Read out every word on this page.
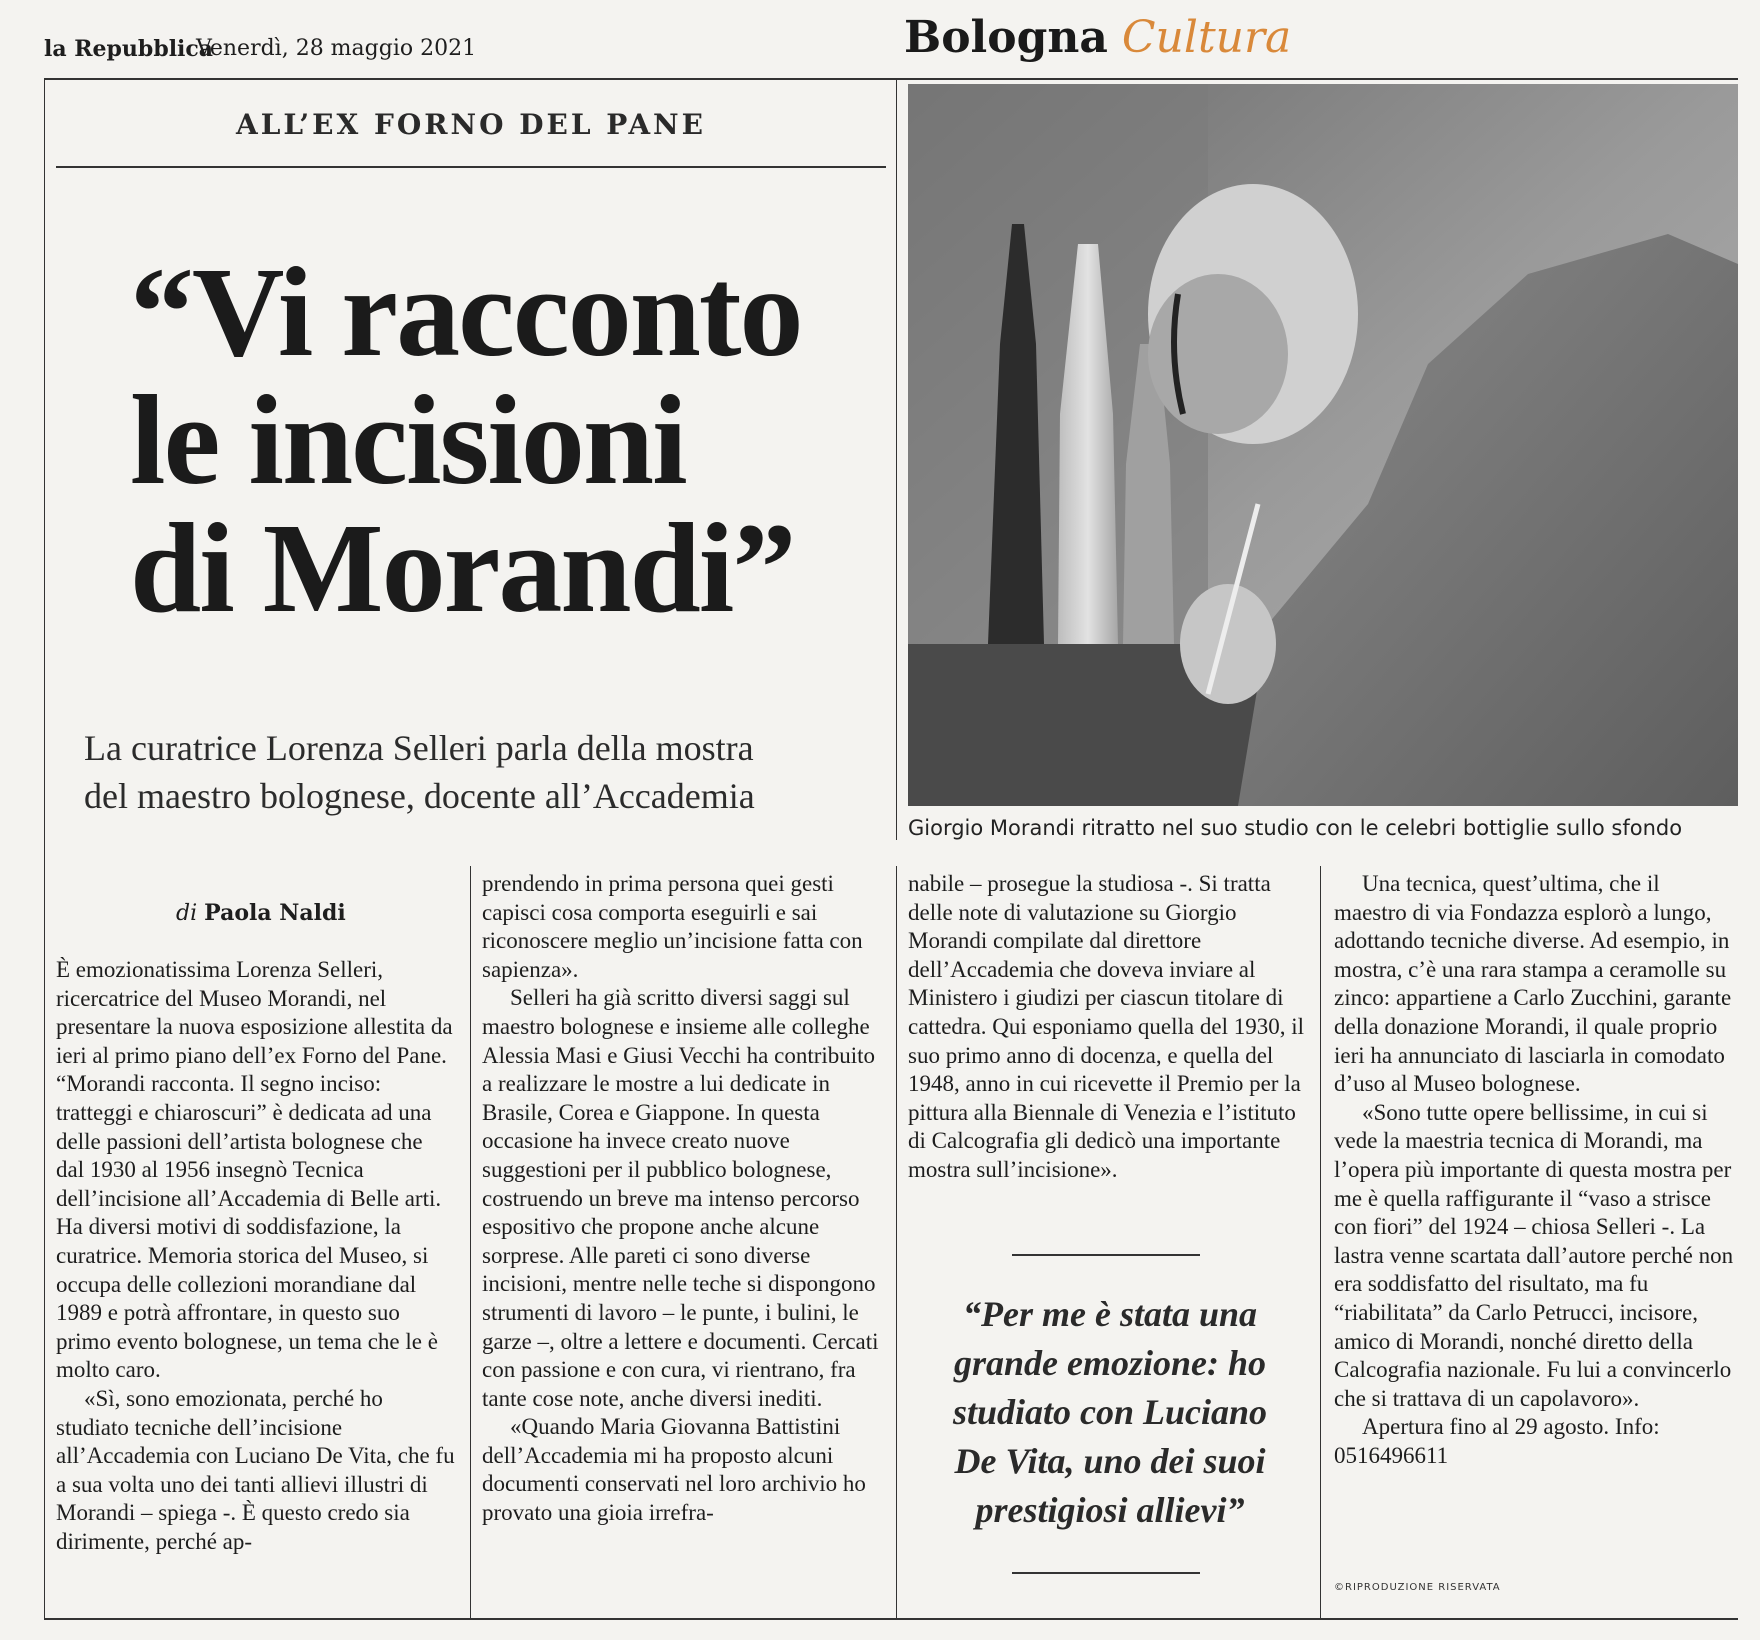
la Repubblica
Venerdì, 28 maggio 2021	Bologna Cultura
ALL’EX FORNO DEL PANE
“Vi racconto
le incisioni
di Morandi”
La curatrice Lorenza Selleri parla della mostra
del maestro bolognese, docente all’Accademia
Giorgio Morandi ritratto nel suo studio con le celebri bottiglie sullo sfondo
di Paola Naldi

È emozionatissima Lorenza Selleri, ricercatrice del Museo Morandi, nel presentare la nuova esposizione allestita da ieri al primo piano dell’ex Forno del Pane. “Morandi racconta. Il segno inciso: tratteggi e chiaroscuri” è dedicata ad una delle passioni dell’artista bolognese che dal 1930 al 1956 insegnò Tecnica dell’incisione all’Accademia di Belle arti. Ha diversi motivi di soddisfazione, la curatrice. Memoria storica del Museo, si occupa delle collezioni morandiane dal 1989 e potrà affrontare, in questo suo primo evento bolognese, un tema che le è molto caro.

«Sì, sono emozionata, perché ho studiato tecniche dell’incisione all’Accademia con Luciano De Vita, che fu a sua volta uno dei tanti allievi illustri di Morandi – spiega -. È questo credo sia dirimente, perché ap-

prendendo in prima persona quei gesti capisci cosa comporta eseguirli e sai riconoscere meglio un’incisione fatta con sapienza».

Selleri ha già scritto diversi saggi sul maestro bolognese e insieme alle colleghe Alessia Masi e Giusi Vecchi ha contribuito a realizzare le mostre a lui dedicate in Brasile, Corea e Giappone. In questa occasione ha invece creato nuove suggestioni per il pubblico bolognese, costruendo un breve ma intenso percorso espositivo che propone anche alcune sorprese. Alle pareti ci sono diverse incisioni, mentre nelle teche si dispongono strumenti di lavoro – le punte, i bulini, le garze –, oltre a lettere e documenti. Cercati con passione e con cura, vi rientrano, fra tante cose note, anche diversi inediti.

«Quando Maria Giovanna Battistini dell’Accademia mi ha proposto alcuni documenti conservati nel loro archivio ho provato una gioia irrefra-

nabile – prosegue la studiosa -. Si tratta delle note di valutazione su Giorgio Morandi compilate dal direttore dell’Accademia che doveva inviare al Ministero i giudizi per ciascun titolare di cattedra. Qui esponiamo quella del 1930, il suo primo anno di docenza, e quella del 1948, anno in cui ricevette il Premio per la pittura alla Biennale di Venezia e l’istituto di Calcografia gli dedicò una importante mostra sull’incisione».

“Per me è stata una
grande emozione: ho
studiato con Luciano
De Vita, uno dei suoi
prestigiosi allievi”

Una tecnica, quest’ultima, che il maestro di via Fondazza esplorò a lungo, adottando tecniche diverse. Ad esempio, in mostra, c’è una rara stampa a ceramolle su zinco: appartiene a Carlo Zucchini, garante della donazione Morandi, il quale proprio ieri ha annunciato di lasciarla in comodato d’uso al Museo bolognese.

«Sono tutte opere bellissime, in cui si vede la maestria tecnica di Morandi, ma l’opera più importante di questa mostra per me è quella raffigurante il “vaso a strisce con fiori” del 1924 – chiosa Selleri -. La lastra venne scartata dall’autore perché non era soddisfatto del risultato, ma fu “riabilitata” da Carlo Petrucci, incisore, amico di Morandi, nonché diretto della Calcografia nazionale. Fu lui a convincerlo che si trattava di un capolavoro».

Apertura fino al 29 agosto. Info: 0516496611

©RIPRODUZIONE RISERVATA
